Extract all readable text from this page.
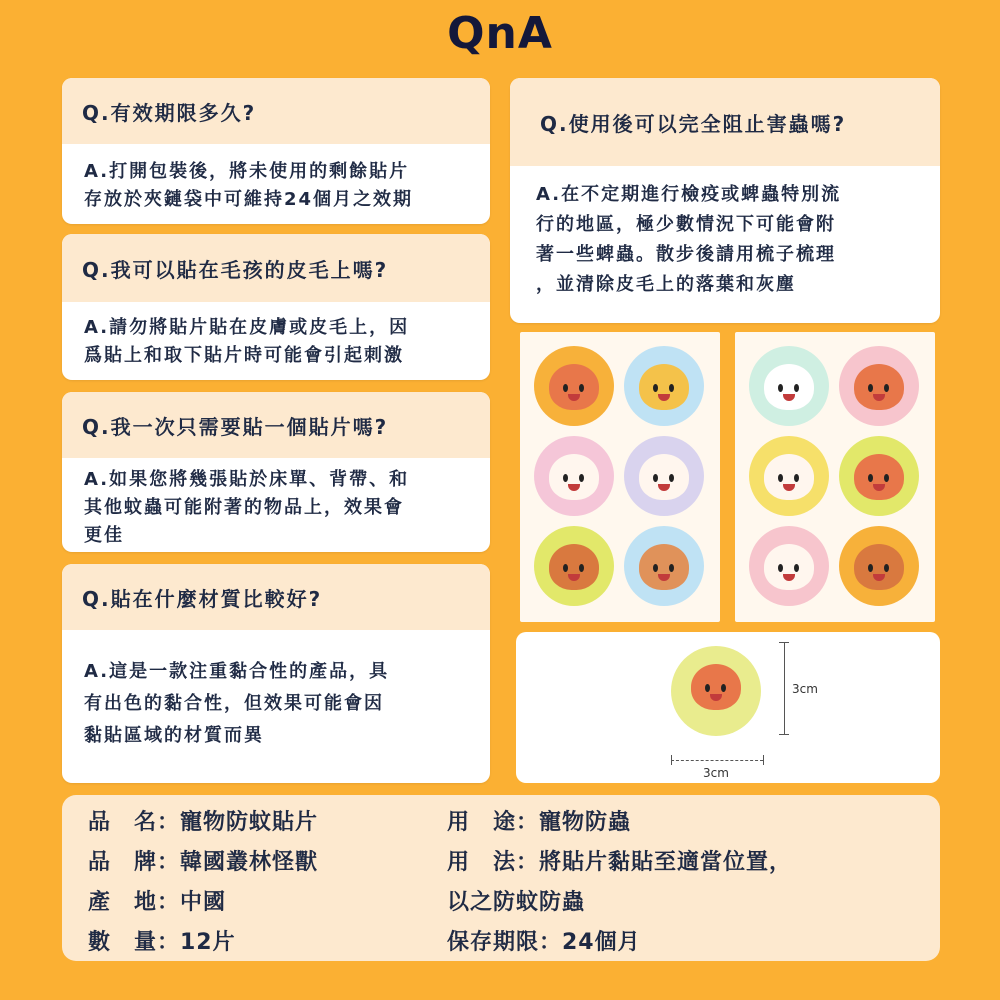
QnA
Q.有效期限多久?
A.打開包裝後，將未使用的剩餘貼片
存放於夾鏈袋中可維持24個月之效期
Q.我可以貼在毛孩的皮毛上嗎?
A.請勿將貼片貼在皮膚或皮毛上，因
爲貼上和取下貼片時可能會引起刺激
Q.我一次只需要貼一個貼片嗎?
A.如果您將幾張貼於床單、背帶、和
其他蚊蟲可能附著的物品上，效果會
更佳
Q.貼在什麼材質比較好?
A.這是一款注重黏合性的產品，具
有出色的黏合性，但效果可能會因
黏貼區域的材質而異
Q.使用後可以完全阻止害蟲嗎?
A.在不定期進行檢疫或蜱蟲特別流
行的地區，極少數情況下可能會附
著一些蜱蟲。散步後請用梳子梳理
，並清除皮毛上的落葉和灰塵
3cm
3cm
品　名：寵物防蚊貼片
品　牌：韓國叢林怪獸
產　地：中國
數　量：12片
用　途：寵物防蟲
用　法：將貼片黏貼至適當位置，
以之防蚊防蟲
保存期限：24個月
